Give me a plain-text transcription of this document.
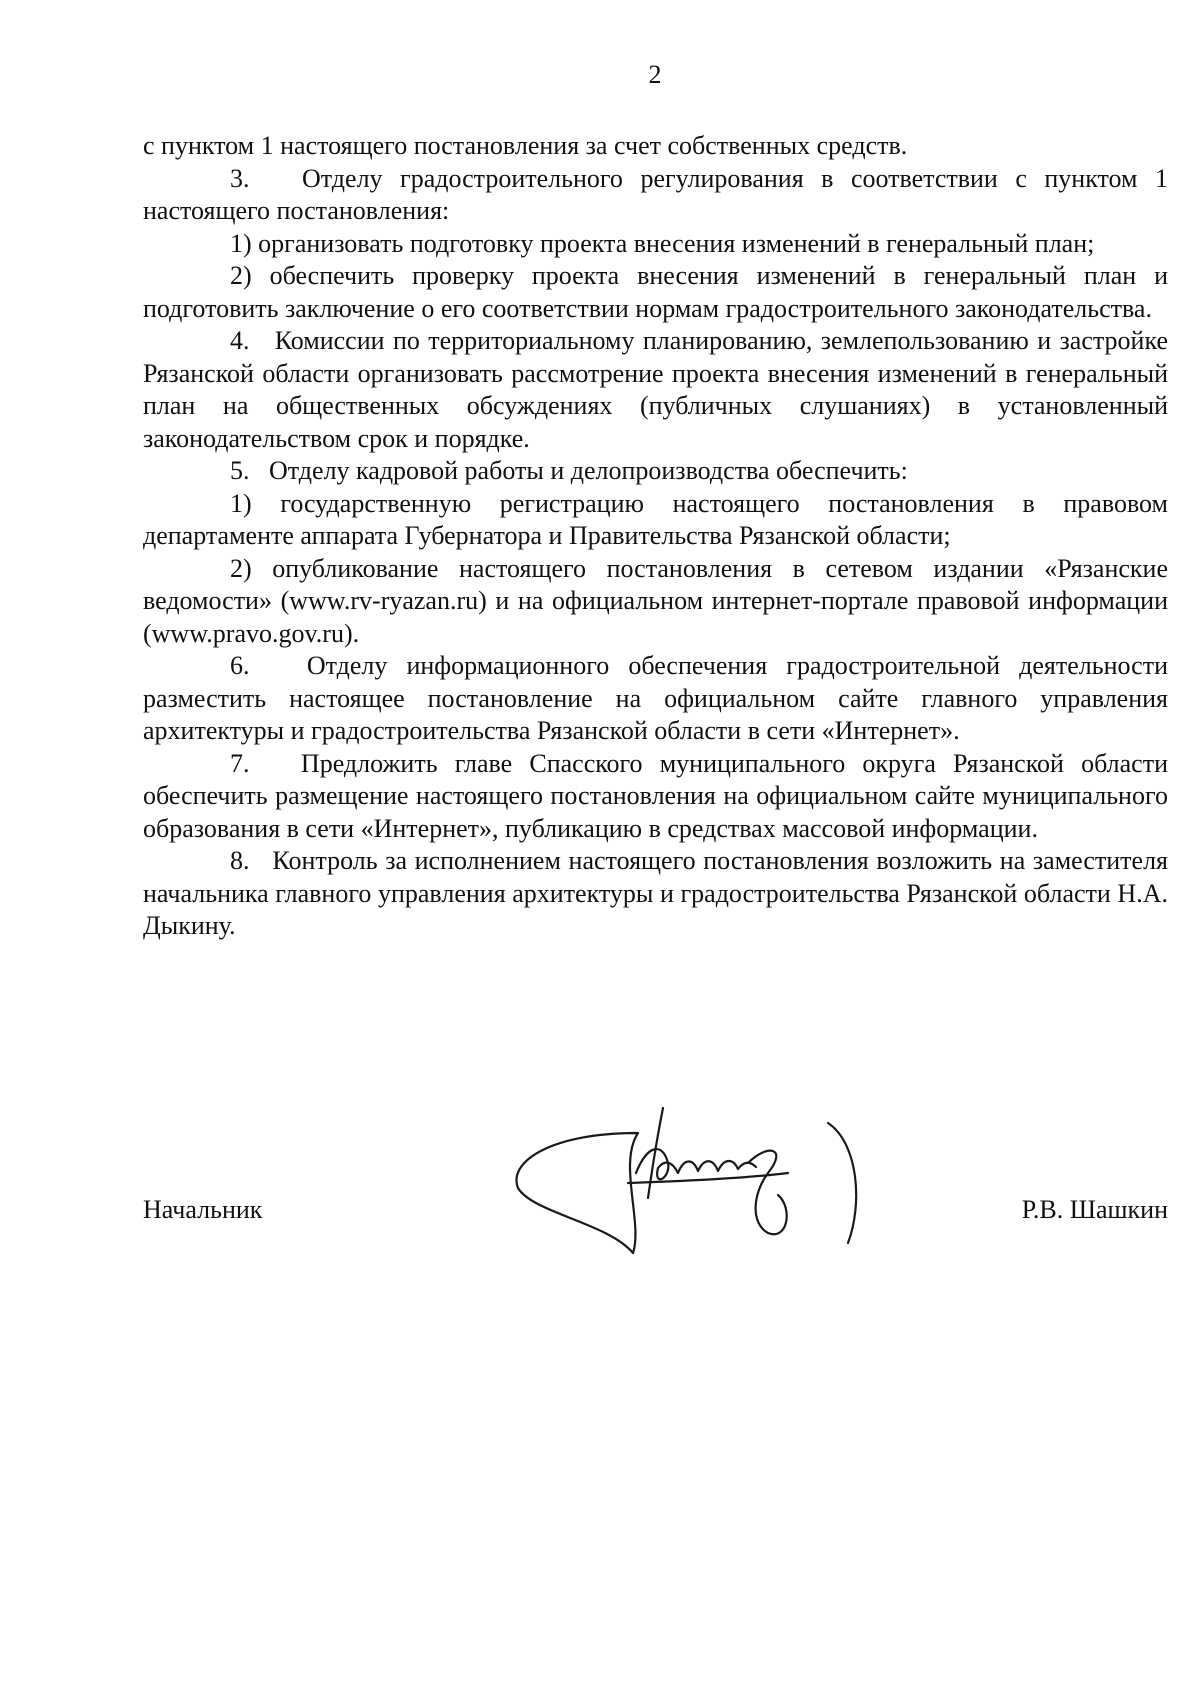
2

с пунктом 1 настоящего постановления за счет собственных средств.

3.   Отделу градостроительного регулирования в соответствии с пунктом 1 настоящего постановления:

1) организовать подготовку проекта внесения изменений в генеральный план;

2) обеспечить проверку проекта внесения изменений в генеральный план и подготовить заключение о его соответствии нормам градостроительного законодательства.

4.   Комиссии по территориальному планированию, землепользованию и застройке Рязанской области организовать рассмотрение проекта внесения изменений в генеральный план на общественных обсуждениях (публичных слушаниях) в установленный законодательством срок и порядке.

5.   Отделу кадровой работы и делопроизводства обеспечить:

1) государственную регистрацию настоящего постановления в правовом департаменте аппарата Губернатора и Правительства Рязанской области;

2) опубликование настоящего постановления в сетевом издании «Рязанские ведомости» (www.rv-ryazan.ru) и на официальном интернет-портале правовой информации (www.pravo.gov.ru).

6.   Отделу информационного обеспечения градостроительной деятельности разместить настоящее постановление на официальном сайте главного управления архитектуры и градостроительства Рязанской области в сети «Интернет».

7.   Предложить главе Спасского муниципального округа Рязанской области обеспечить размещение настоящего постановления на официальном сайте муниципального образования в сети «Интернет», публикацию в средствах массовой информации.

8.   Контроль за исполнением настоящего постановления возложить на заместителя начальника главного управления архитектуры и градостроительства Рязанской области Н.А. Дыкину.

Начальник	Р.В. Шашкин
